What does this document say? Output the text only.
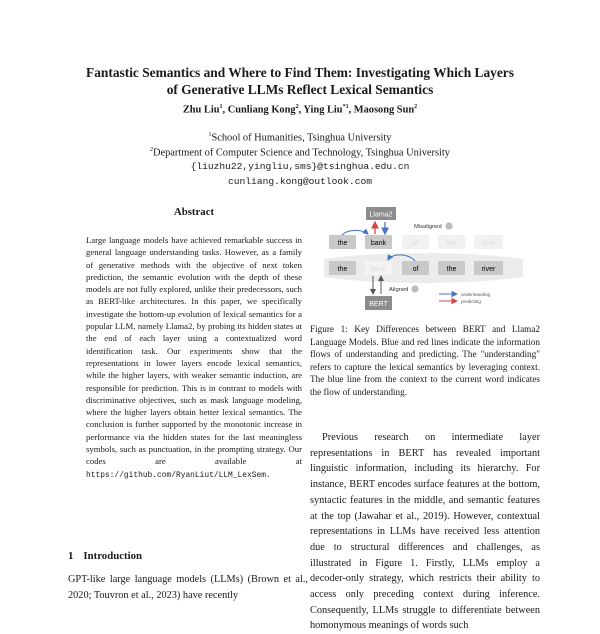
Fantastic Semantics and Where to Find Them: Investigating Which Layers
of Generative LLMs Reflect Lexical Semantics
Zhu Liu$^1$, Cunliang Kong$^2$, Ying Liu$^{*1}$, Maosong Sun$^2$
$^1$School of Humanities, Tsinghua University
$^2$Department of Computer Science and Technology, Tsinghua University
{liuzhu22,yingliu,sms}@tsinghua.edu.cn
cunliang.kong@outlook.com
Abstract
Large language models have achieved remarkable success in general language understanding tasks. However, as a family of generative methods with the objective of next token prediction, the semantic evolution with the depth of these models are not fully explored, unlike their predecessors, such as BERT-like architectures. In this paper, we specifically investigate the bottom-up evolution of lexical semantics for a popular LLM, namely Llama2, by probing its hidden states at the end of each layer using a contextualized word identification task. Our experiments show that the representations in lower layers encode lexical semantics, while the higher layers, with weaker semantic induction, are responsible for prediction. This is in contrast to models with discriminative objectives, such as mask language modeling, where the higher layers obtain better lexical semantics. The conclusion is further supported by the monotonic increase in performance via the hidden states for the last meaningless symbols, such as punctuation, in the prompting strategy. Our codes are available at https://github.com/RyanLiut/LLM_LexSem.
1 Introduction
GPT-like large language models (LLMs) (Brown et al., 2020; Touvron et al., 2023) have recently
Llama2
Misaligned
the	bank	of	the	river
the	bank	of	the	river
Aligned
BERT
understanding
predicting
Figure 1: Key Differences between BERT and Llama2 Language Models. Blue and red lines indicate the information flows of understanding and predicting. The "understanding" refers to capture the lexical semantics by leveraging context. The blue line from the context to the current word indicates the flow of understanding.

Previous research on intermediate layer representations in BERT has revealed important linguistic information, including its hierarchy. For instance, BERT encodes surface features at the bottom, syntactic features in the middle, and semantic features at the top (Jawahar et al., 2019). However, contextual representations in LLMs have received less attention due to structural differences and challenges, as illustrated in Figure 1. Firstly, LLMs employ a decoder-only strategy, which restricts their ability to access only preceding context during inference. Consequently, LLMs struggle to differentiate between homonymous meanings of words such
